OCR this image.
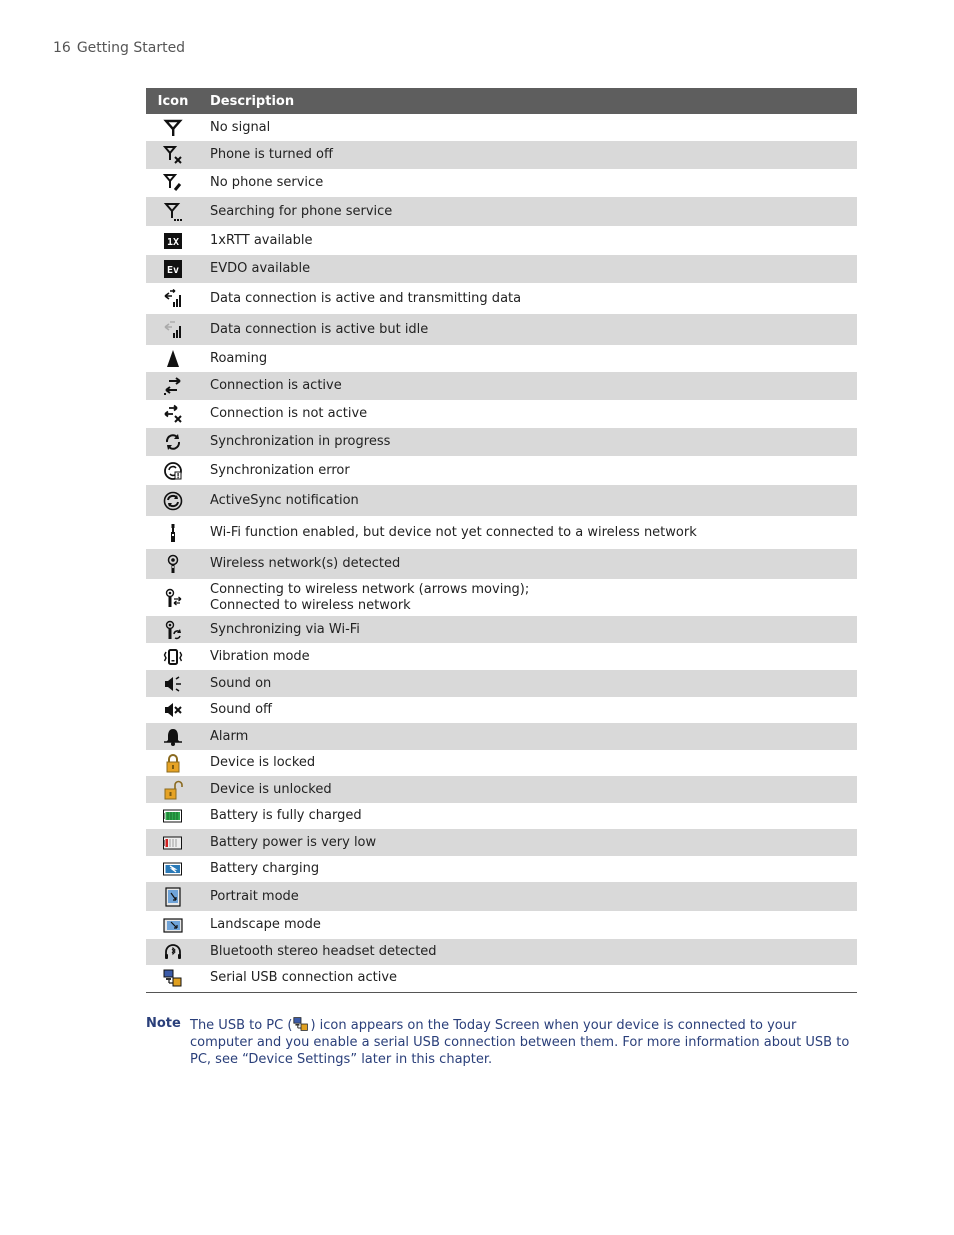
16 Getting Started
Icon	Description

	No signal

	Phone is turned off

	No phone service

	Searching for phone service

1X	1xRTT available

Ev	EVDO available

	Data connection is active and transmitting data

	Data connection is active but idle

	Roaming

	Connection is active

	Connection is not active

	Synchronization in progress

	Synchronization error

	ActiveSync notification

	Wi-Fi function enabled, but device not yet connected to a wireless network

	Wireless network(s) detected

	Connecting to wireless network (arrows moving);
Connected to wireless network

	Synchronizing via Wi-Fi

	Vibration mode

	Sound on

	Sound off

	Alarm

	Device is locked

	Device is unlocked

	Battery is fully charged

	Battery power is very low

	Battery charging

	Portrait mode

	Landscape mode

	Bluetooth stereo headset detected

	Serial USB connection active
Note The USB to PC ( ) icon appears on the Today Screen when your device is connected to your computer and you enable a serial USB connection between them. For more information about USB to PC, see “Device Settings” later in this chapter.
